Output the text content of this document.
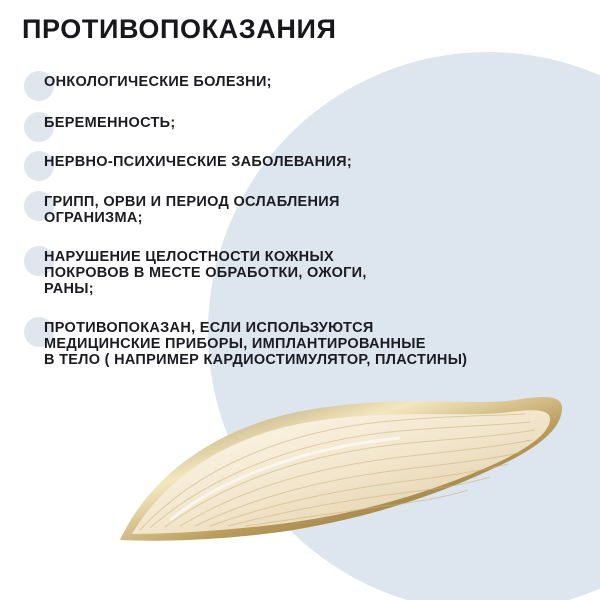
ПРОТИВОПОКАЗАНИЯ

ОНКОЛОГИЧЕСКИЕ БОЛЕЗНИ;

БЕРЕМЕННОСТЬ;

НЕРВНО-ПСИХИЧЕСКИЕ ЗАБОЛЕВАНИЯ;

ГРИПП, ОРВИ И ПЕРИОД ОСЛАБЛЕНИЯ
ОГРАНИЗМА;

НАРУШЕНИЕ ЦЕЛОСТНОСТИ КОЖНЫХ
ПОКРОВОВ В МЕСТЕ ОБРАБОТКИ, ОЖОГИ,
РАНЫ;

ПРОТИВОПОКАЗАН, ЕСЛИ ИСПОЛЬЗУЮТСЯ
МЕДИЦИНСКИЕ ПРИБОРЫ, ИМПЛАНТИРОВАННЫЕ
В ТЕЛО ( НАПРИМЕР КАРДИОСТИМУЛЯТОР, ПЛАСТИНЫ)
